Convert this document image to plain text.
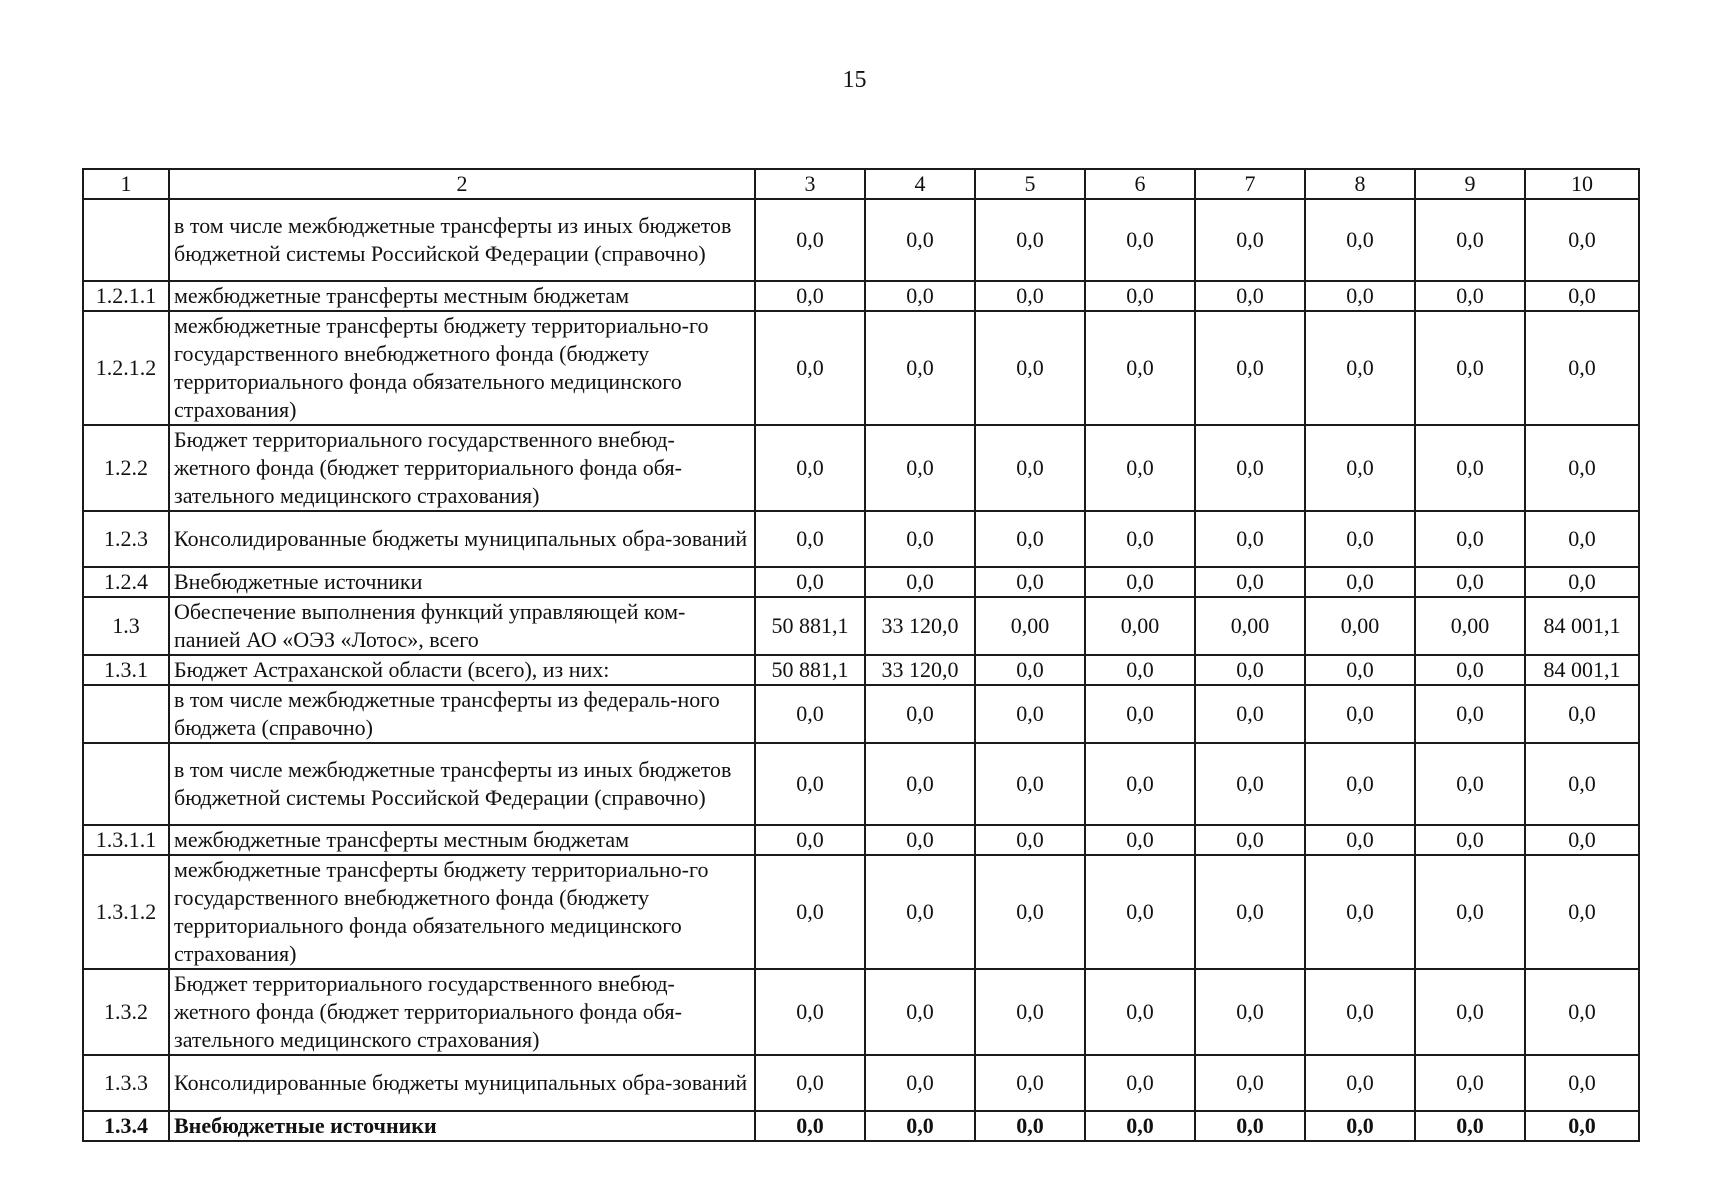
15
1	2	3	4	5	6	7	8	9	10
	в том числе межбюджетные трансферты из иных бюджетов бюджетной системы Российской Федерации (справочно)	0,0	0,0	0,0	0,0	0,0	0,0	0,0	0,0
1.2.1.1	межбюджетные трансферты местным бюджетам	0,0	0,0	0,0	0,0	0,0	0,0	0,0	0,0
1.2.1.2	межбюджетные трансферты бюджету территориально-го государственного внебюджетного фонда (бюджету территориального фонда обязательного медицинского страхования)	0,0	0,0	0,0	0,0	0,0	0,0	0,0	0,0
1.2.2	Бюджет территориального государственного внебюд-жетного фонда (бюджет территориального фонда обя-зательного медицинского страхования)	0,0	0,0	0,0	0,0	0,0	0,0	0,0	0,0
1.2.3	Консолидированные бюджеты муниципальных обра-зований	0,0	0,0	0,0	0,0	0,0	0,0	0,0	0,0
1.2.4	Внебюджетные источники	0,0	0,0	0,0	0,0	0,0	0,0	0,0	0,0
1.3	Обеспечение выполнения функций управляющей ком-панией АО «ОЭЗ «Лотос», всего	50 881,1	33 120,0	0,00	0,00	0,00	0,00	0,00	84 001,1
1.3.1	Бюджет Астраханской области (всего), из них:	50 881,1	33 120,0	0,0	0,0	0,0	0,0	0,0	84 001,1
	в том числе межбюджетные трансферты из федераль-ного бюджета (справочно)	0,0	0,0	0,0	0,0	0,0	0,0	0,0	0,0
	в том числе межбюджетные трансферты из иных бюджетов бюджетной системы Российской Федерации (справочно)	0,0	0,0	0,0	0,0	0,0	0,0	0,0	0,0
1.3.1.1	межбюджетные трансферты местным бюджетам	0,0	0,0	0,0	0,0	0,0	0,0	0,0	0,0
1.3.1.2	межбюджетные трансферты бюджету территориально-го государственного внебюджетного фонда (бюджету территориального фонда обязательного медицинского страхования)	0,0	0,0	0,0	0,0	0,0	0,0	0,0	0,0
1.3.2	Бюджет территориального государственного внебюд-жетного фонда (бюджет территориального фонда обя-зательного медицинского страхования)	0,0	0,0	0,0	0,0	0,0	0,0	0,0	0,0
1.3.3	Консолидированные бюджеты муниципальных обра-зований	0,0	0,0	0,0	0,0	0,0	0,0	0,0	0,0
1.3.4	Внебюджетные источники	0,0	0,0	0,0	0,0	0,0	0,0	0,0	0,0
